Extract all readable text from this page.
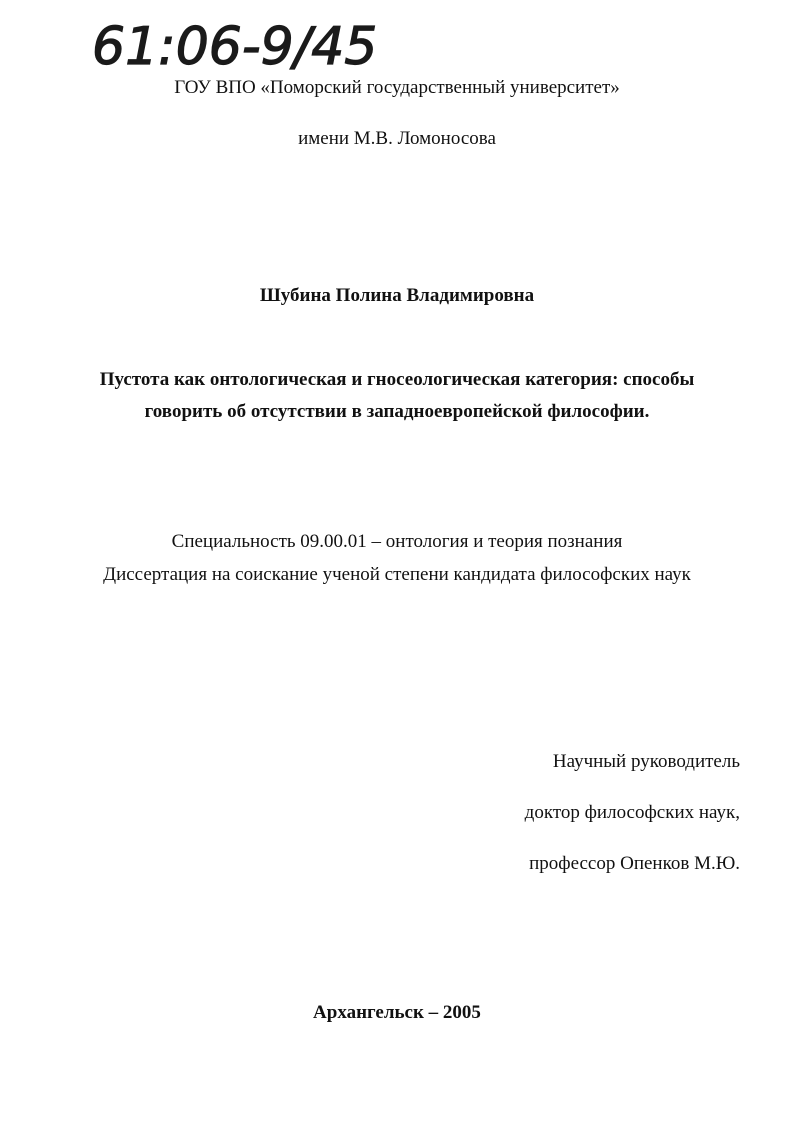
61:06-9/45
ГОУ ВПО «Поморский государственный университет»
имени М.В. Ломоносова
Шубина Полина Владимировна
Пустота как онтологическая и гносеологическая категория: способы
говорить об отсутствии в западноевропейской философии.
Специальность 09.00.01 – онтология и теория познания
Диссертация на соискание ученой степени кандидата философских наук
Научный руководитель
доктор философских наук,
профессор Опенков М.Ю.
Архангельск – 2005
